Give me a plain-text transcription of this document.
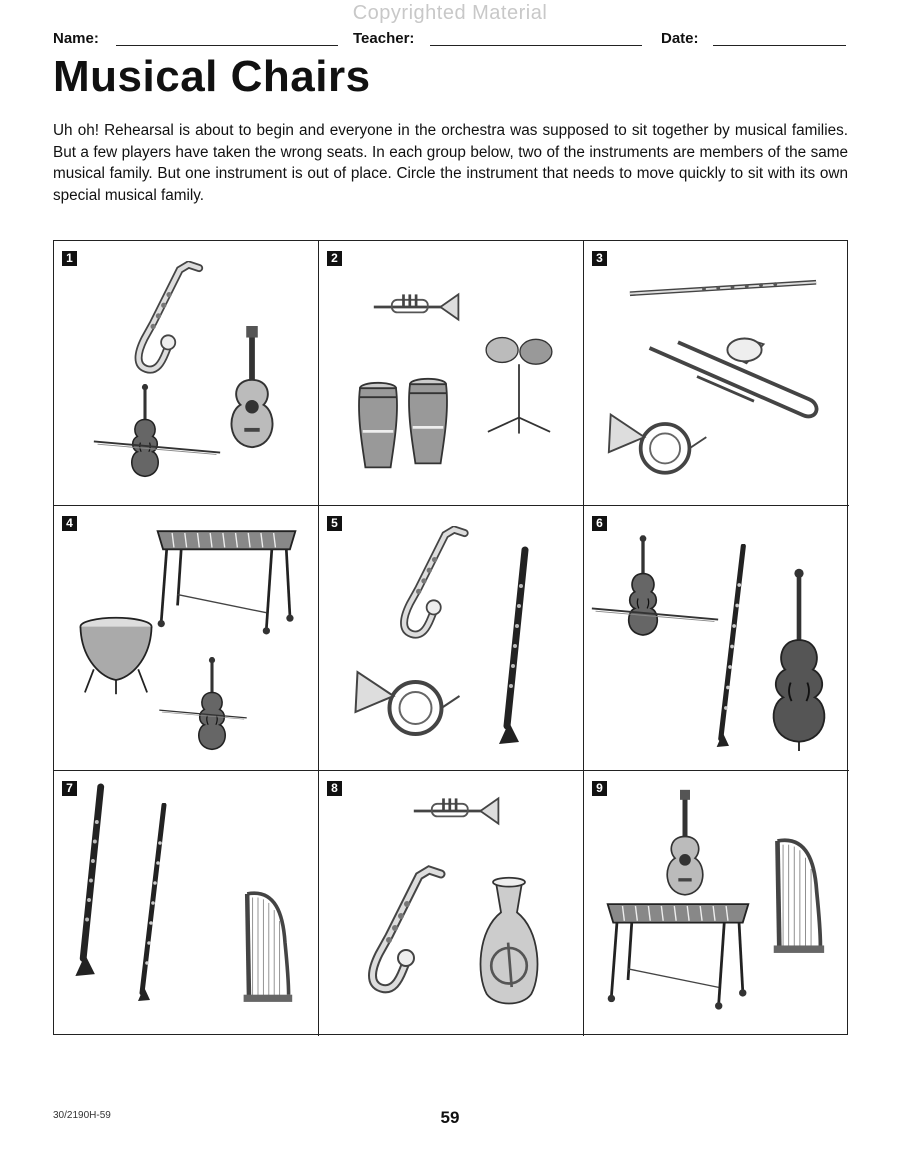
Copyrighted Material
Name:	Teacher:	Date:
Musical Chairs

Uh oh! Rehearsal is about to begin and everyone in the orchestra was supposed to sit together by musical families. But a few players have taken the wrong seats. In each group below, two of the instruments are members of the same musical family. But one instrument is out of place. Circle the instrument that needs to move quickly to sit with its own special musical family.

1	2	3
4	5	6
7	8	9
30/2190H-59	59
